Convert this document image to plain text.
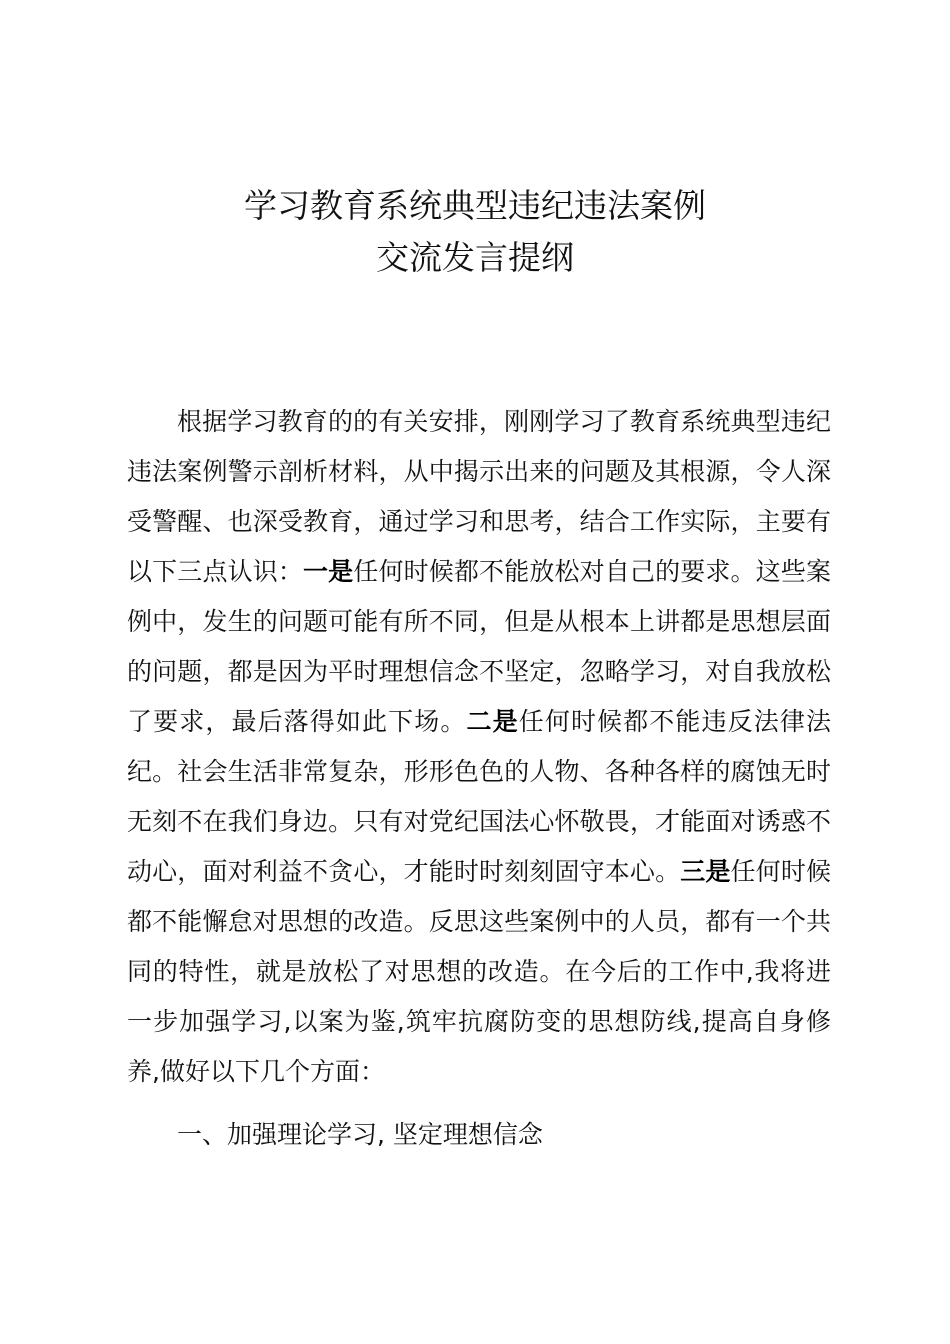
学习教育系统典型违纪违法案例
交流发言提纲

根据学习教育的的有关安排，刚刚学习了教育系统典型违纪违法案例警示剖析材料，从中揭示出来的问题及其根源，令人深受警醒、也深受教育，通过学习和思考，结合工作实际，主要有以下三点认识：一是任何时候都不能放松对自己的要求。这些案例中，发生的问题可能有所不同，但是从根本上讲都是思想层面的问题，都是因为平时理想信念不坚定，忽略学习，对自我放松了要求，最后落得如此下场。二是任何时候都不能违反法律法纪。社会生活非常复杂，形形色色的人物、各种各样的腐蚀无时无刻不在我们身边。只有对党纪国法心怀敬畏，才能面对诱惑不动心，面对利益不贪心，才能时时刻刻固守本心。三是任何时候都不能懈怠对思想的改造。反思这些案例中的人员，都有一个共同的特性，就是放松了对思想的改造。在今后的工作中,我将进一步加强学习,以案为鉴,筑牢抗腐防变的思想防线,提高自身修养,做好以下几个方面：

一、加强理论学习, 坚定理想信念
